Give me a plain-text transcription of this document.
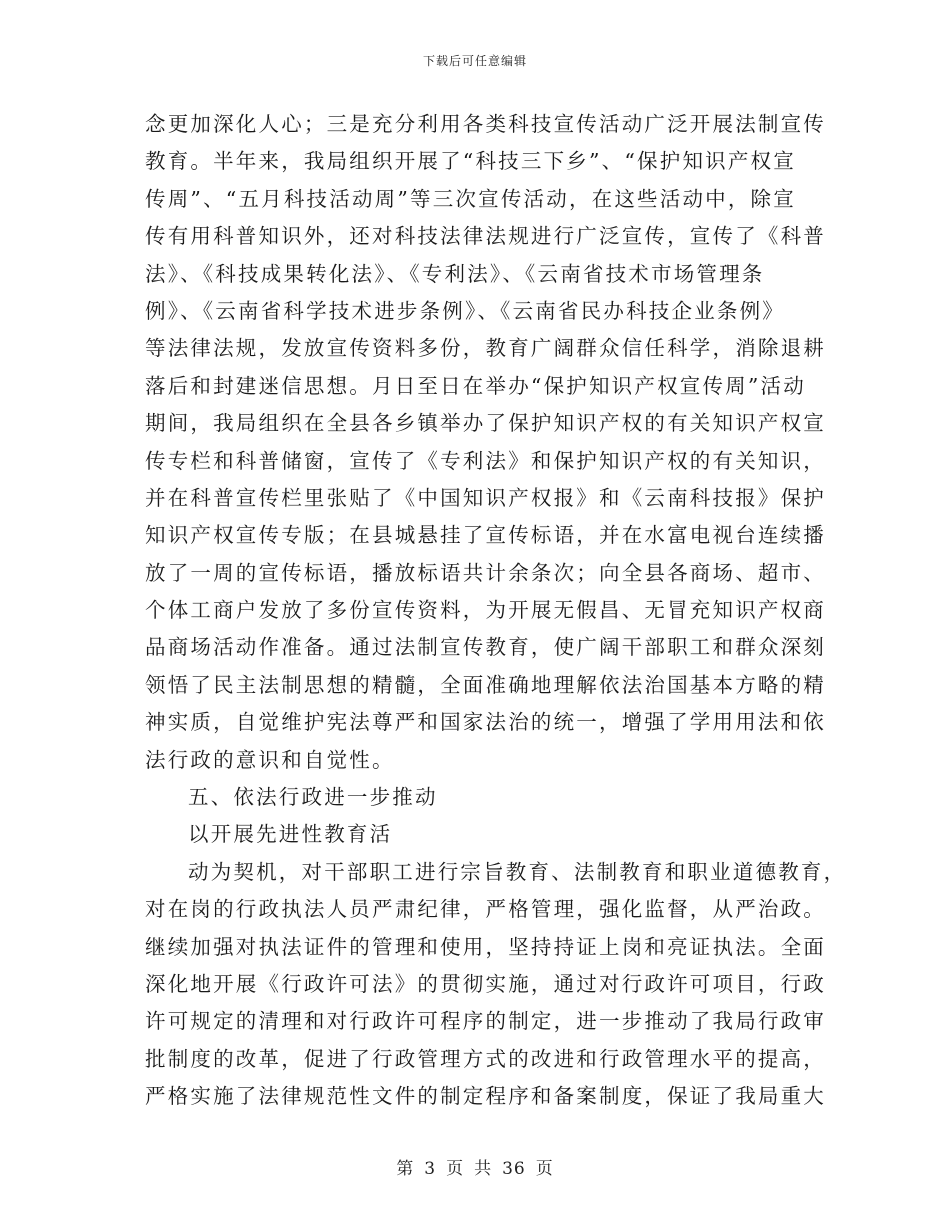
下载后可任意编辑
念更加深化人心；三是充分利用各类科技宣传活动广泛开展法制宣传
教育。半年来，我局组织开展了“科技三下乡”、“保护知识产权宣
传周”、“五月科技活动周”等三次宣传活动，在这些活动中，除宣
传有用科普知识外，还对科技法律法规进行广泛宣传，宣传了《科普
法》、《科技成果转化法》、《专利法》、《云南省技术市场管理条
例》、《云南省科学技术进步条例》、《云南省民办科技企业条例》
等法律法规，发放宣传资料多份，教育广阔群众信任科学，消除退耕
落后和封建迷信思想。月日至日在举办“保护知识产权宣传周”活动
期间，我局组织在全县各乡镇举办了保护知识产权的有关知识产权宣
传专栏和科普储窗，宣传了《专利法》和保护知识产权的有关知识，
并在科普宣传栏里张贴了《中国知识产权报》和《云南科技报》保护
知识产权宣传专版；在县城悬挂了宣传标语，并在水富电视台连续播
放了一周的宣传标语，播放标语共计余条次；向全县各商场、超市、
个体工商户发放了多份宣传资料，为开展无假昌、无冒充知识产权商
品商场活动作准备。通过法制宣传教育，使广阔干部职工和群众深刻
领悟了民主法制思想的精髓，全面准确地理解依法治国基本方略的精
神实质，自觉维护宪法尊严和国家法治的统一，增强了学用用法和依
法行政的意识和自觉性。
五、依法行政进一步推动
以开展先进性教育活
动为契机，对干部职工进行宗旨教育、法制教育和职业道德教育，
对在岗的行政执法人员严肃纪律，严格管理，强化监督，从严治政。
继续加强对执法证件的管理和使用，坚持持证上岗和亮证执法。全面
深化地开展《行政许可法》的贯彻实施，通过对行政许可项目，行政
许可规定的清理和对行政许可程序的制定，进一步推动了我局行政审
批制度的改革，促进了行政管理方式的改进和行政管理水平的提高，
严格实施了法律规范性文件的制定程序和备案制度，保证了我局重大
第 3 页 共 36 页
